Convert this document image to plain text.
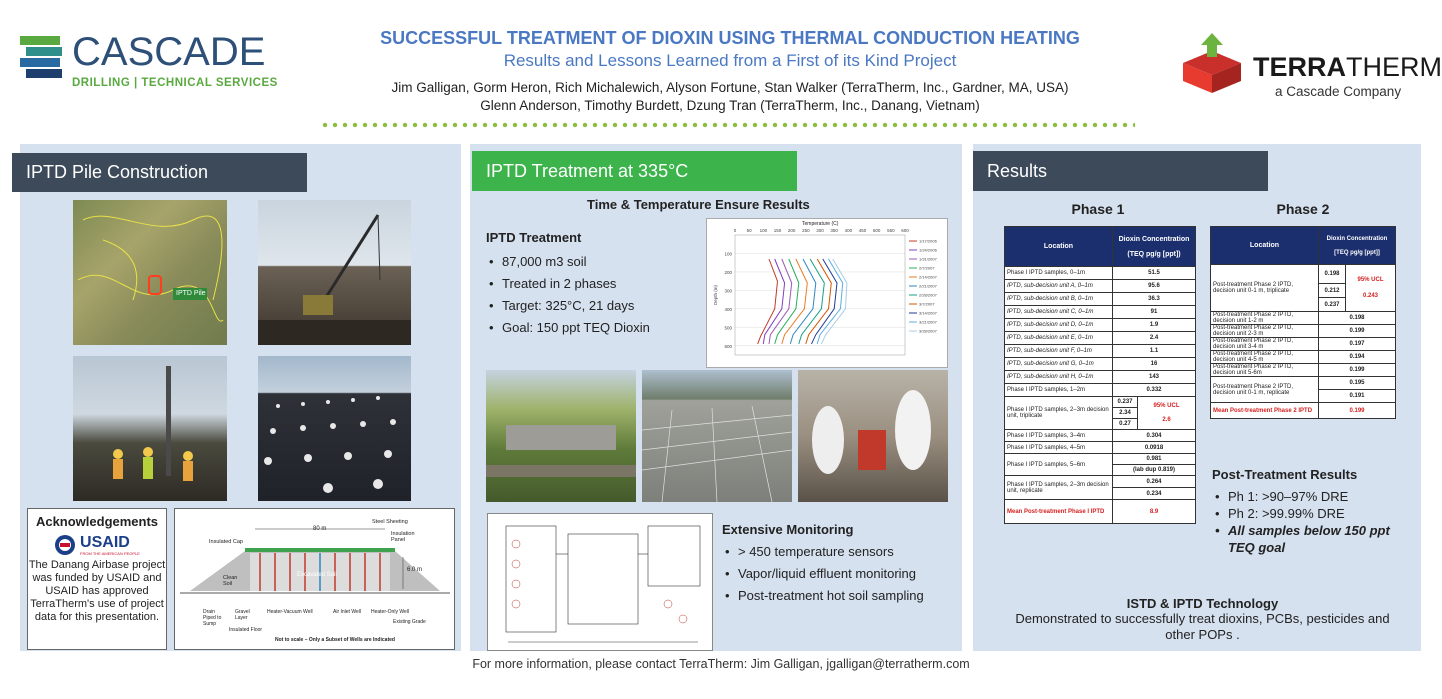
CASCADE
DRILLING | TECHNICAL SERVICES
SUCCESSFUL TREATMENT OF DIOXIN USING THERMAL CONDUCTION HEATING
Results and Lessons Learned from a First of its Kind Project
Jim Galligan, Gorm Heron, Rich Michalewich, Alyson Fortune, Stan Walker (TerraTherm, Inc., Gardner, MA, USA)
Glenn Anderson, Timothy Burdett, Dzung Tran (TerraTherm, Inc., Danang, Vietnam)
TERRATHERM
a Cascade Company
IPTD Pile Construction
IPTD Pile
Acknowledgements
USAID
FROM THE AMERICAN PEOPLE
The Danang Airbase project was funded by USAID and USAID has approved TerraTherm's use of project data for this presentation.
80 m
6.0 m
Insulated Cap
Steel Sheeting
Insulation Panel
Clean Soil
Excavated Soil
Drain Piped to Sump
Gravel Layer
Heater-Vacuum Well	Air Inlet Well Heater-Only Well
Existing Grade
Insulated Floor
Not to scale – Only a Subset of Wells are Indicated
IPTD Treatment at 335°C
Time & Temperature Ensure Results
IPTD Treatment
• 87,000 m3 soil
• Treated in 2 phases
• Target: 325°C, 21 days
• Goal: 150 ppt TEQ Dioxin
Temperature (C)
100
200
300
400
500
600
0 50 100 150 200 250 300 350 400 450 500 550 600
Depth (m)
1/17/2006
1/24/2006
1/31/2007
2/7/2007
2/14/2007
2/21/2007
2/28/2007
3/7/2007
3/14/2007
3/21/2007
3/28/2007
Extensive Monitoring
• > 450 temperature sensors
• Vapor/liquid effluent monitoring
• Post-treatment hot soil sampling
Results
Phase 1	Phase 2
Location	Dioxin Concentration
(TEQ pg/g [ppt])	

Phase I IPTD samples, 0–1m	51.5	
IPTD, sub-decision unit A, 0–1m	95.6	
IPTD, sub-decision unit B, 0–1m	36.3	
IPTD, sub-decision unit C, 0–1m	91	
IPTD, sub-decision unit D, 0–1m	1.9	
IPTD, sub-decision unit E, 0–1m	2.4	
IPTD, sub-decision unit F, 0–1m	1.1	
IPTD, sub-decision unit G, 0–1m	16	
IPTD, sub-decision unit H, 0–1m	143	
Phase I IPTD samples, 1–2m	0.332	
Phase I IPTD samples, 2–3m decision unit, triplicate	0.237	95% UCL
2.6

	2.34	
	0.27	
Phase I IPTD samples, 3–4m	0.304	
Phase I IPTD samples, 4–5m	0.0918	
Phase I IPTD samples, 5–6m	0.981	
	(lab dup 0.819)	
Phase I IPTD samples, 2–3m decision unit, replicate	0.264	
	0.234	
Mean Post-treatment Phase I IPTD	8.9	
Location	Dioxin Concentration
[TEQ pg/g [ppt]]	

Post-treatment Phase 2 IPTD, decision unit 0-1 m, triplicate	0.198	95% UCL
0.243

	0.212	
	0.237	
Post-treatment Phase 2 IPTD, decision unit 1-2 m	0.198	
Post-treatment Phase 2 IPTD, decision unit 2-3 m	0.199	
Post-treatment Phase 2 IPTD, decision unit 3-4 m	0.197	
Post-treatment Phase 2 IPTD, decision unit 4-5 m	0.194	
Post-treatment Phase 2 IPTD, decision unit 5-6m	0.199	
Post-treatment Phase 2 IPTD, decision unit 0-1 m, replicate	0.195	
	0.191	
Mean Post-treatment Phase 2 IPTD	0.199	
Post-Treatment Results
• Ph 1: >90–97% DRE
• Ph 2: >99.99% DRE
• All samples below 150 ppt TEQ goal
ISTD & IPTD Technology
Demonstrated to successfully treat dioxins, PCBs, pesticides and other POPs .
For more information, please contact TerraTherm: Jim Galligan, jgalligan@terratherm.com
